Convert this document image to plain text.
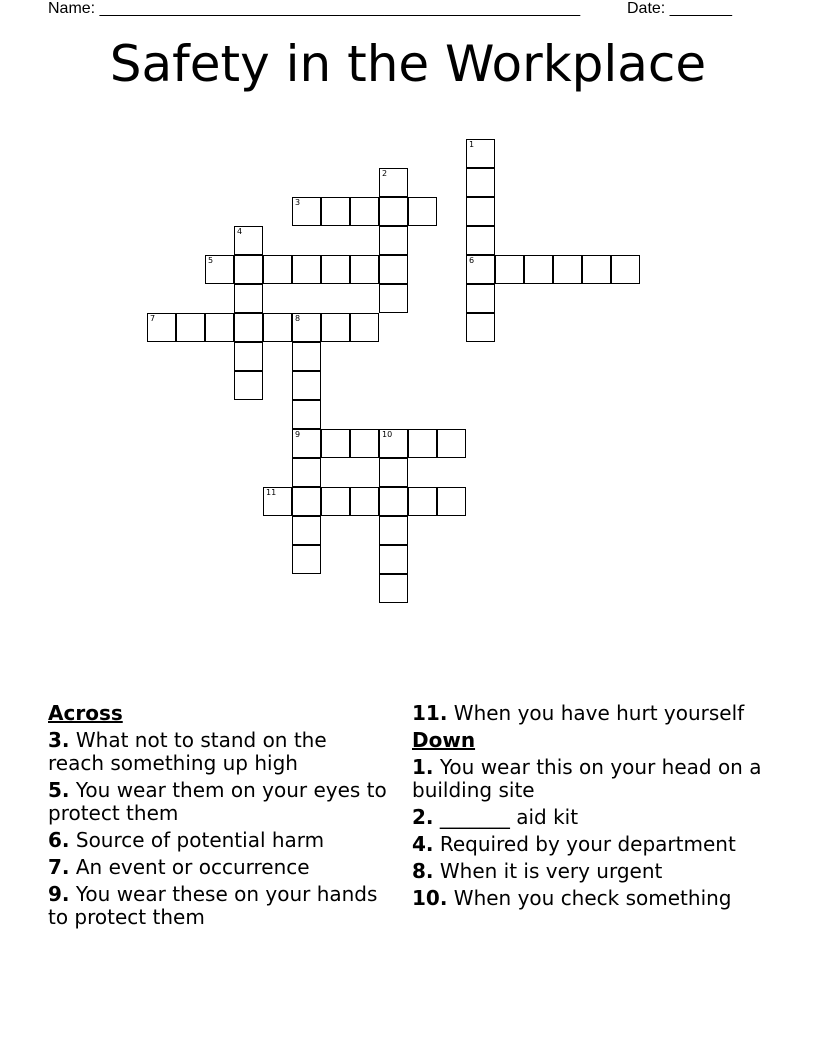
Name: ______________________________________________________	Date: _______
Safety in the Workplace
1
6
2
3
4
5
7	8
9	10
11
Across
3. What not to stand on the reach something up high
5. You wear them on your eyes to protect them
6. Source of potential harm
7. An event or occurrence
9. You wear these on your hands to protect them
11. When you have hurt yourself
Down
1. You wear this on your head on a building site
2. _______ aid kit
4. Required by your department
8. When it is very urgent
10. When you check something
